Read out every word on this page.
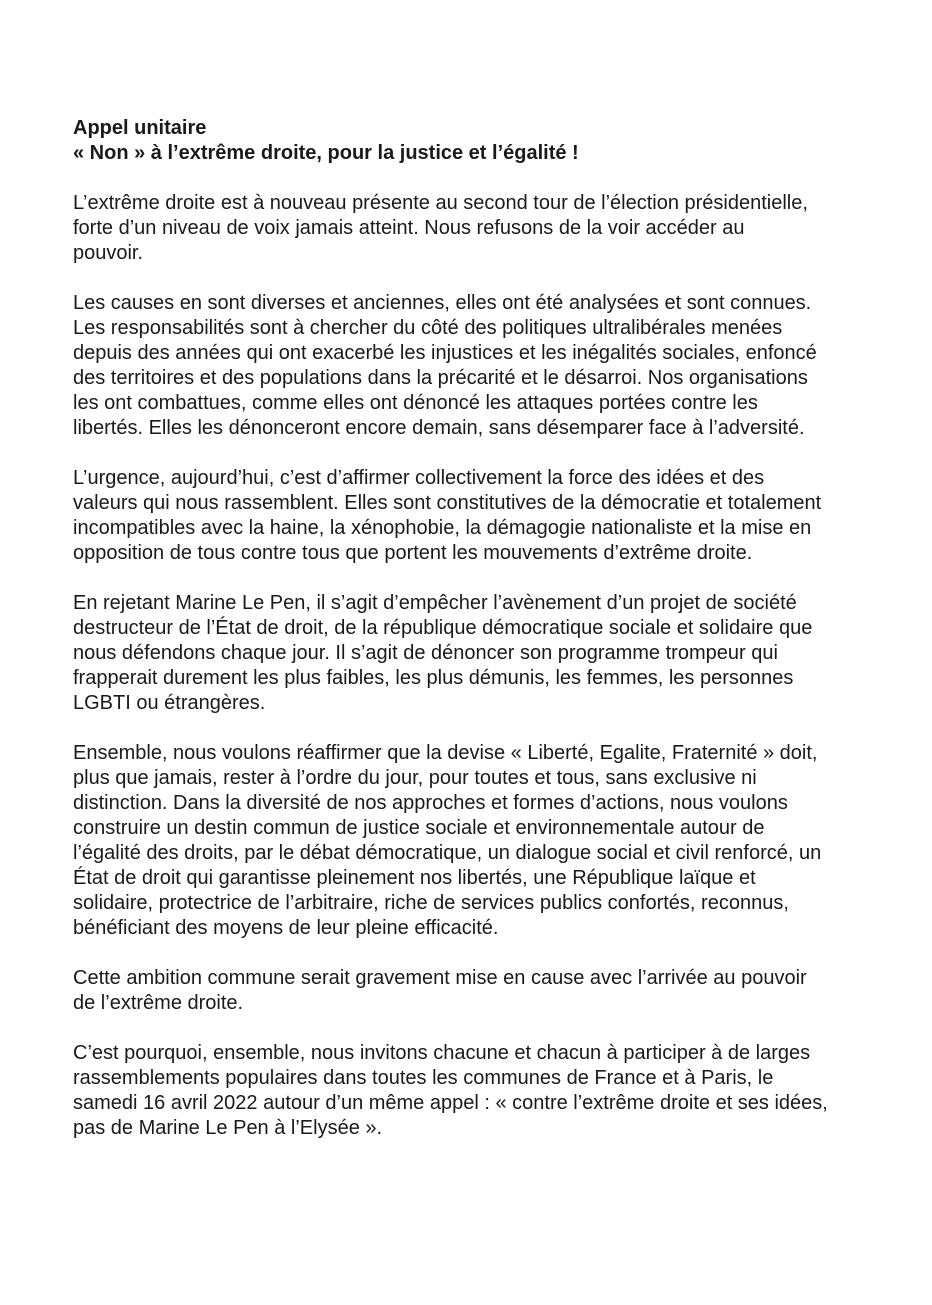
Appel unitaire
« Non » à l’extrême droite, pour la justice et l’égalité !

L’extrême droite est à nouveau présente au second tour de l’élection présidentielle,
forte d’un niveau de voix jamais atteint. Nous refusons de la voir accéder au
pouvoir.

Les causes en sont diverses et anciennes, elles ont été analysées et sont connues.
Les responsabilités sont à chercher du côté des politiques ultralibérales menées
depuis des années qui ont exacerbé les injustices et les inégalités sociales, enfoncé
des territoires et des populations dans la précarité et le désarroi. Nos organisations
les ont combattues, comme elles ont dénoncé les attaques portées contre les
libertés. Elles les dénonceront encore demain, sans désemparer face à l’adversité.

L’urgence, aujourd’hui, c’est d’affirmer collectivement la force des idées et des
valeurs qui nous rassemblent. Elles sont constitutives de la démocratie et totalement
incompatibles avec la haine, la xénophobie, la démagogie nationaliste et la mise en
opposition de tous contre tous que portent les mouvements d’extrême droite.

En rejetant Marine Le Pen, il s’agit d’empêcher l’avènement d’un projet de société
destructeur de l’État de droit, de la république démocratique sociale et solidaire que
nous défendons chaque jour. Il s’agit de dénoncer son programme trompeur qui
frapperait durement les plus faibles, les plus démunis, les femmes, les personnes
LGBTI ou étrangères.

Ensemble, nous voulons réaffirmer que la devise « Liberté, Egalite, Fraternité » doit,
plus que jamais, rester à l’ordre du jour, pour toutes et tous, sans exclusive ni
distinction. Dans la diversité de nos approches et formes d’actions, nous voulons
construire un destin commun de justice sociale et environnementale autour de
l’égalité des droits, par le débat démocratique, un dialogue social et civil renforcé, un
État de droit qui garantisse pleinement nos libertés, une République laïque et
solidaire, protectrice de l’arbitraire, riche de services publics confortés, reconnus,
bénéficiant des moyens de leur pleine efficacité.

Cette ambition commune serait gravement mise en cause avec l’arrivée au pouvoir
de l’extrême droite.

C’est pourquoi, ensemble, nous invitons chacune et chacun à participer à de larges
rassemblements populaires dans toutes les communes de France et à Paris, le
samedi 16 avril 2022 autour d’un même appel : « contre l’extrême droite et ses idées,
pas de Marine Le Pen à l’Elysée ».
